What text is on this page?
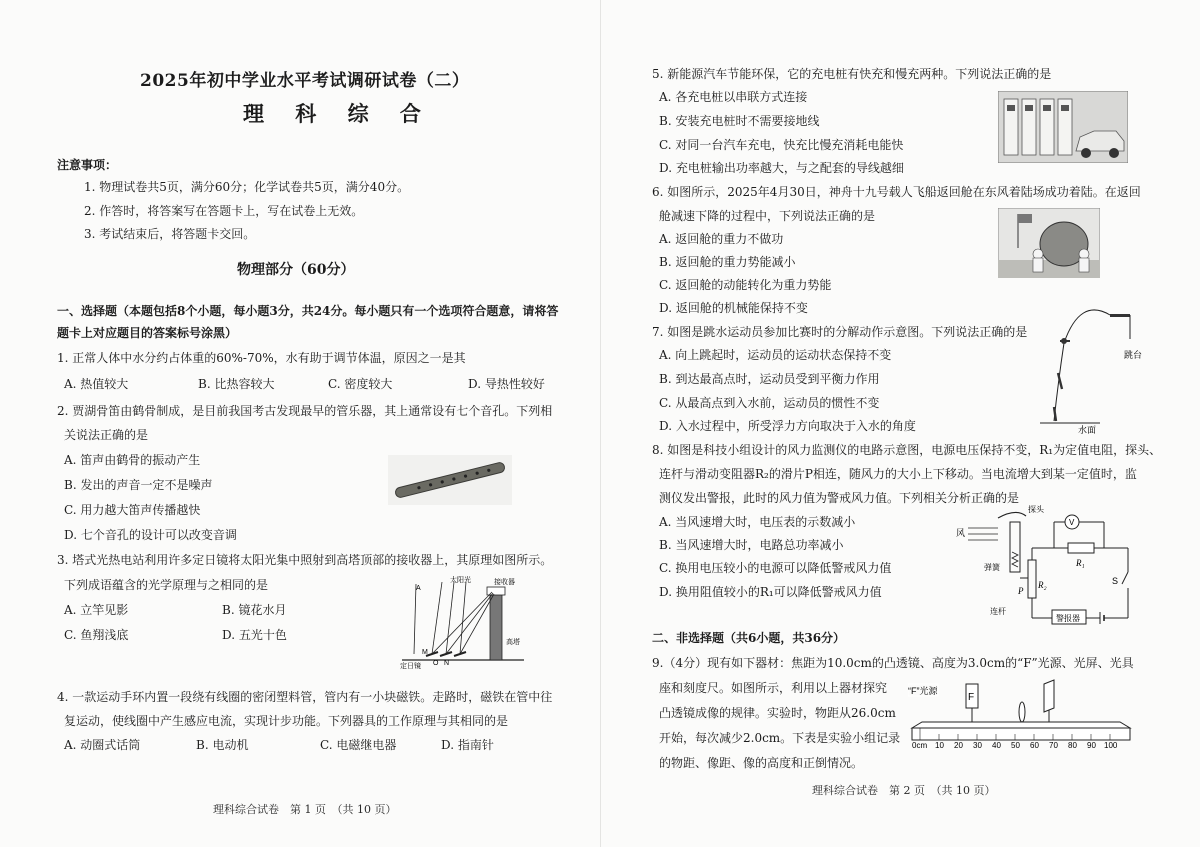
2025年初中学业水平考试调研试卷（二）
理 科 综 合
注意事项：
1. 物理试卷共5页，满分60分；化学试卷共5页，满分40分。
2. 作答时，将答案写在答题卡上，写在试卷上无效。
3. 考试结束后，将答题卡交回。
物理部分（60分）
一、选择题（本题包括8个小题，每小题3分，共24分。每小题只有一个选项符合题意，请将答
题卡上对应题目的答案标号涂黑）
1. 正常人体中水分约占体重的60%-70%，水有助于调节体温，原因之一是其
A. 热值较大	B. 比热容较大	C. 密度较大	D. 导热性较好
2. 贾湖骨笛由鹤骨制成，是目前我国考古发现最早的管乐器，其上通常设有七个音孔。下列相
关说法正确的是
A. 笛声由鹤骨的振动产生
B. 发出的声音一定不是噪声
C. 用力越大笛声传播越快
D. 七个音孔的设计可以改变音调
3. 塔式光热电站利用许多定日镜将太阳光集中照射到高塔顶部的接收器上，其原理如图所示。
下列成语蕴含的光学原理与之相同的是
A. 立竿见影	B. 镜花水月
C. 鱼翔浅底	D. 五光十色
太阳光	接收器
定日镜
高塔
A
M
O N
4. 一款运动手环内置一段绕有线圈的密闭塑料管，管内有一小块磁铁。走路时，磁铁在管中往
复运动，使线圈中产生感应电流，实现计步功能。下列器具的工作原理与其相同的是
A. 动圈式话筒	B. 电动机	C. 电磁继电器	D. 指南针
理科综合试卷　第 1 页　（共 10 页）
5. 新能源汽车节能环保，它的充电桩有快充和慢充两种。下列说法正确的是
A. 各充电桩以串联方式连接
B. 安装充电桩时不需要接地线
C. 对同一台汽车充电，快充比慢充消耗电能快
D. 充电桩输出功率越大，与之配套的导线越细
6. 如图所示，2025年4月30日，神舟十九号载人飞船返回舱在东风着陆场成功着陆。在返回
舱减速下降的过程中，下列说法正确的是
A. 返回舱的重力不做功
B. 返回舱的重力势能减小
C. 返回舱的动能转化为重力势能
D. 返回舱的机械能保持不变
7. 如图是跳水运动员参加比赛时的分解动作示意图。下列说法正确的是
A. 向上跳起时，运动员的运动状态保持不变
B. 到达最高点时，运动员受到平衡力作用
C. 从最高点到入水前，运动员的惯性不变
D. 入水过程中，所受浮力方向取决于入水的角度
跳台
水面
8. 如图是科技小组设计的风力监测仪的电路示意图，电源电压保持不变，R₁为定值电阻，探头、
连杆与滑动变阻器R₂的滑片P相连，随风力的大小上下移动。当电流增大到某一定值时，监
测仪发出警报，此时的风力值为警戒风力值。下列相关分析正确的是
A. 当风速增大时，电压表的示数减小
B. 当风速增大时，电路总功率减小
C. 换用电压较小的电源可以降低警戒风力值
D. 换用阻值较小的R₁可以降低警戒风力值
风
探头
弹簧
连杆
警报器
V
R₁
R₂
P
S
二、非选择题（共6小题，共36分）
9.（4分）现有如下器材：焦距为10.0cm的凸透镜、高度为3.0cm的“F”光源、光屏、光具
座和刻度尺。如图所示，利用以上器材探究
凸透镜成像的规律。实验时，物距从26.0cm
开始，每次减少2.0cm。下表是实验小组记录
的物距、像距、像的高度和正倒情况。
“F”光源
F
0cm 10 20 30 40 50 60 70 80 90 100
理科综合试卷　第 2 页　（共 10 页）
